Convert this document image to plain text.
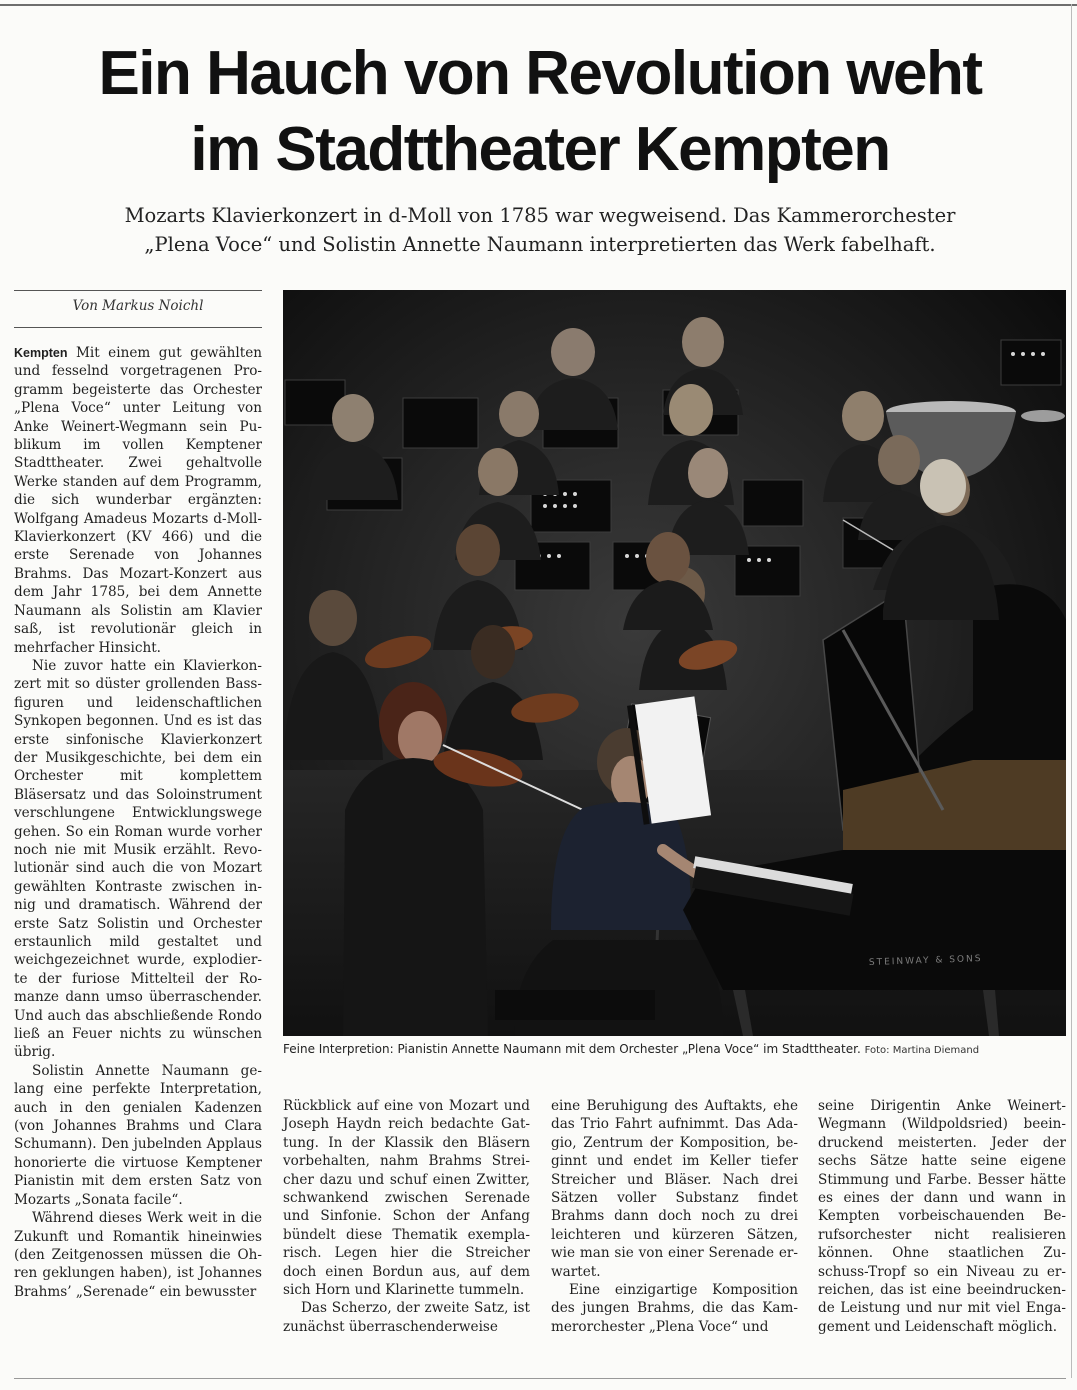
Ein Hauch von Revolution weht
im Stadttheater Kempten
Mozarts Klavierkonzert in d-Moll von 1785 war wegweisend. Das Kammerorchester
„Plena Voce“ und Solistin Annette Naumann interpretierten das Werk fabelhaft.
Von Markus Noichl

Kempten Mit einem gut gewählten und fesselnd vorgetragenen Programm begeisterte das Orchester „Plena Voce“ unter Leitung von Anke Weinert-Wegmann sein Publikum im vollen Kemptener Stadttheater. Zwei gehaltvolle Werke standen auf dem Programm, die sich wunderbar ergänzten: Wolfgang Amadeus Mozarts d-Moll-Klavierkonzert (KV 466) und die erste Serenade von Johannes Brahms. Das Mozart-Konzert aus dem Jahr 1785, bei dem Annette Naumann als Solistin am Klavier saß, ist revolutionär gleich in mehrfacher Hinsicht.

Nie zuvor hatte ein Klavierkonzert mit so düster grollenden Bassfiguren und leidenschaftlichen Synkopen begonnen. Und es ist das erste sinfonische Klavierkonzert der Musikgeschichte, bei dem ein Orchester mit komplettem Bläsersatz und das Soloinstrument verschlungene Entwicklungswege gehen. So ein Roman wurde vorher noch nie mit Musik erzählt. Revolutionär sind auch die von Mozart gewählten Kontraste zwischen innig und dramatisch. Während der erste Satz Solistin und Orchester erstaunlich mild gestaltet und weichgezeichnet wurde, explodierte der furiose Mittelteil der Romanze dann umso überraschender. Und auch das abschließende Rondo ließ an Feuer nichts zu wünschen übrig.

Solistin Annette Naumann gelang eine perfekte Interpretation, auch in den genialen Kadenzen (von Johannes Brahms und Clara Schumann). Den jubelnden Applaus honorierte die virtuose Kemptener Pianistin mit dem ersten Satz von Mozarts „Sonata facile“.

Während dieses Werk weit in die Zukunft und Romantik hineinwies (den Zeitgenossen müssen die Ohren geklungen haben), ist Johannes Brahms’ „Serenade“ ein bewusster

STEINWAY & SONS
Feine Interpretion: Pianistin Annette Naumann mit dem Orchester „Plena Voce“ im Stadttheater. Foto: Martina Diemand

Rückblick auf eine von Mozart und Joseph Haydn reich bedachte Gattung. In der Klassik den Bläsern vorbehalten, nahm Brahms Streicher dazu und schuf einen Zwitter, schwankend zwischen Serenade und Sinfonie. Schon der Anfang bündelt diese Thematik exemplarisch. Legen hier die Streicher doch einen Bordun aus, auf dem sich Horn und Klarinette tummeln.

Das Scherzo, der zweite Satz, ist zunächst überraschenderweise

eine Beruhigung des Auftakts, ehe das Trio Fahrt aufnimmt. Das Adagio, Zentrum der Komposition, beginnt und endet im Keller tiefer Streicher und Bläser. Nach drei Sätzen voller Substanz findet Brahms dann doch noch zu drei leichteren und kürzeren Sätzen, wie man sie von einer Serenade erwartet.

Eine einzigartige Komposition des jungen Brahms, die das Kammerorchester „Plena Voce“ und

seine Dirigentin Anke Weinert-Wegmann (Wildpoldsried) beeindruckend meisterten. Jeder der sechs Sätze hatte seine eigene Stimmung und Farbe. Besser hätte es eines der dann und wann in Kempten vorbeischauenden Berufsorchester nicht realisieren können. Ohne staatlichen Zuschuss-Tropf so ein Niveau zu erreichen, das ist eine beeindruckende Leistung und nur mit viel Engagement und Leidenschaft möglich.
